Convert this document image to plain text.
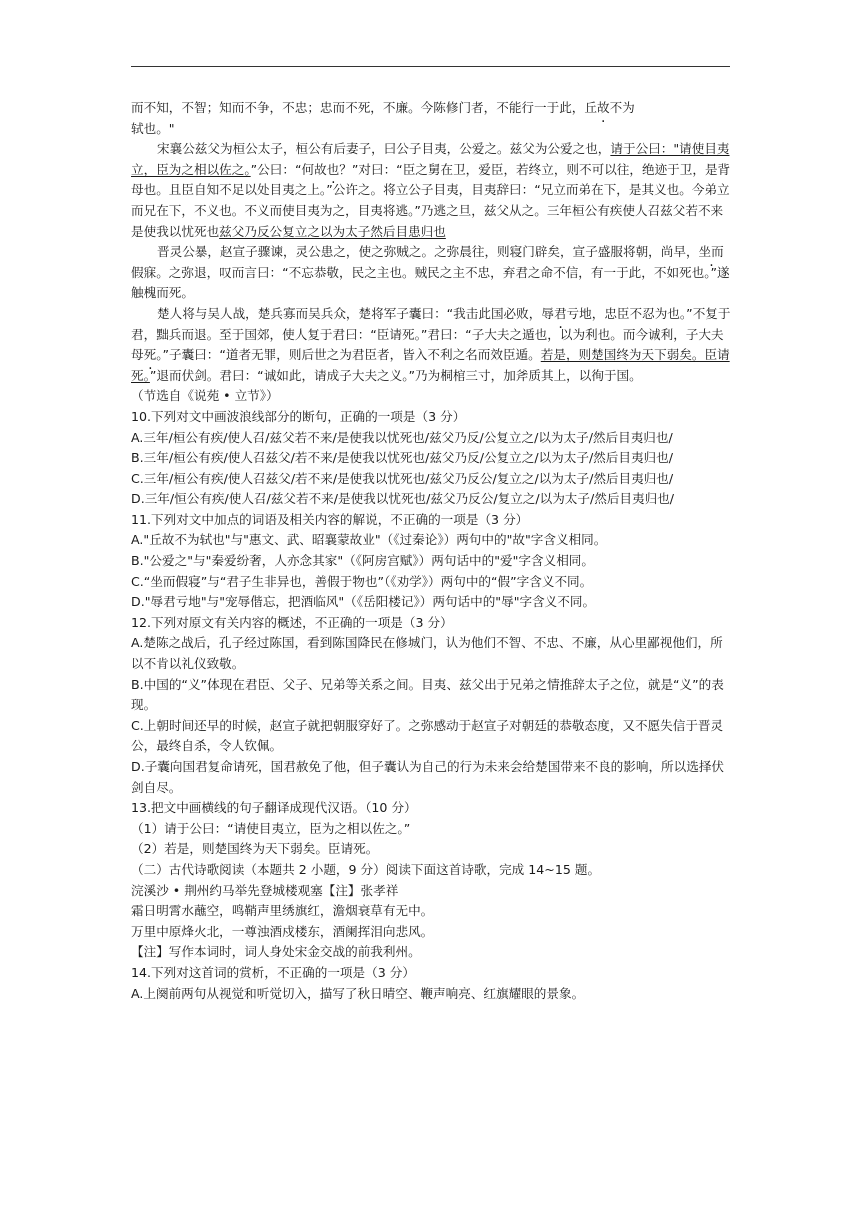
而不知，不智；知而不争，不忠；忠而不死，不廉。今陈修门者，不能行一于此，丘故不为
轼也。"

宋襄公兹父为桓公太子，桓公有后妻子，曰公子目夷，公爱之。兹父为公爱之也，请于公曰："请使目夷立，臣为之相以佐之。”公曰：“何故也？”对曰：“臣之舅在卫，爱臣，若终立，则不可以往，绝迹于卫，是背母也。且臣自知不足以处目夷之上。”公许之。将立公子目夷，目夷辞曰：“兄立而弟在下，是其义也。今弟立而兄在下，不义也。不义而使目夷为之，目夷将逃。”乃逃之旦，兹父从之。三年桓公有疾使人召兹父若不来是使我以忧死也兹父乃反公复立之以为太子然后目患归也

晋灵公暴，赵宣子骤谏，灵公患之，使之弥贼之。之弥晨往，则寝门辟矣，宣子盛服将朝，尚早，坐而假寐 ·。之弥退，叹而言曰：“不忘恭敬，民之主也。贼民之主不忠，弃君之命不信，有一于此，不如死也。”遂触槐而死。

楚人将与吴人战，楚兵寡而吴兵众，楚将军子囊曰：“我击此国必败，辱君亏地，忠臣不忍为也。”不复于君，黜兵而退。至于国郊，使人复于君曰：“臣请死。”君曰：“子大夫之遁也，以为利也。而今诚利，子大夫母死。”子囊曰：“道者无罪，则后世之为君臣者，皆入不利之名而效臣遁。若是，则楚国终为天下弱矣。臣请死。”退而伏剑。君曰：“诚如此，请成子大夫之义。”乃为桐棺三寸，加斧质其上，以徇于国。

（节选自《说苑 • 立节》）

10.下列对文中画波浪线部分的断句，正确的一项是（3 分）

A.三年/桓公有疾/使人召/兹父若不来/是使我以忧死也/兹父乃反/公复立之/以为太子/然后目夷归也/

B.三年/桓公有疾/使人召兹父/若不来/是使我以忧死也/兹父乃反/公复立之/以为太子/然后目夷归也/

C.三年/桓公有疾/使人召兹父/若不来/是使我以忧死也/兹父乃反公/复立之/以为太子/然后目夷归也/

D.三年/恒公有疾/使人召/兹父若不来/是使我以忧死也/兹父乃反公/复立之/以为太子/然后目夷归也/

11.下列对文中加点的词语及相关内容的解说，不正确的一项是（3 分）

A."丘故不为轼也"与"惠文、武、昭襄蒙故业"（《过秦论》）两句中的"故"字含义相同。

B."公爱之"与"秦爱纷奢，人亦念其家"（《阿房宫赋》）两句话中的"爱"字含义相同。

C.“坐而假寝”与“君子生非异也，善假于物也”（《劝学》）两句中的“假”字含义不同。

D."辱君亏地"与"宠辱偕忘，把酒临风"（《岳阳楼记》）两句话中的"辱"字含义不同。

12.下列对原文有关内容的概述，不正确的一项是（3 分）

A.楚陈之战后，孔子经过陈国，看到陈国降民在修城门，认为他们不智、不忠、不廉，从心里鄙视他们，所以不肯以礼仪致敬。

B.中国的“义”体现在君臣、父子、兄弟等关系之间。目夷、兹父出于兄弟之情推辞太子之位，就是“义”的表现。

C.上朝时间还早的时候，赵宣子就把朝服穿好了。之弥感动于赵宣子对朝廷的恭敬态度，又不愿失信于晋灵公，最终自杀，令人钦佩。

D.子囊向国君复命请死，国君赦免了他，但子囊认为自己的行为未来会给楚国带来不良的影响，所以选择伏剑自尽。

13.把文中画横线的句子翻译成现代汉语。（10 分）

（1）请于公曰：“请使目夷立，臣为之相以佐之。”

（2）若是，则楚国终为天下弱矣。臣请死。

（二）古代诗歌阅读（本题共 2 小题，9 分）阅读下面这首诗歌，完成 14~15 题。

浣溪沙 • 荆州约马举先登城楼观塞【注】张孝祥

霜日明霄水蘸空，鸣鞘声里绣旗红，澹烟衰草有无中。

万里中原烽火北，一尊浊酒戍楼东，酒阑挥泪向悲风。

【注】写作本词时，词人身处宋金交战的前我利州。

14.下列对这首词的赏析，不正确的一项是（3 分）

A.上阕前两句从视觉和听觉切入，描写了秋日晴空、鞭声响亮、红旗耀眼的景象。
